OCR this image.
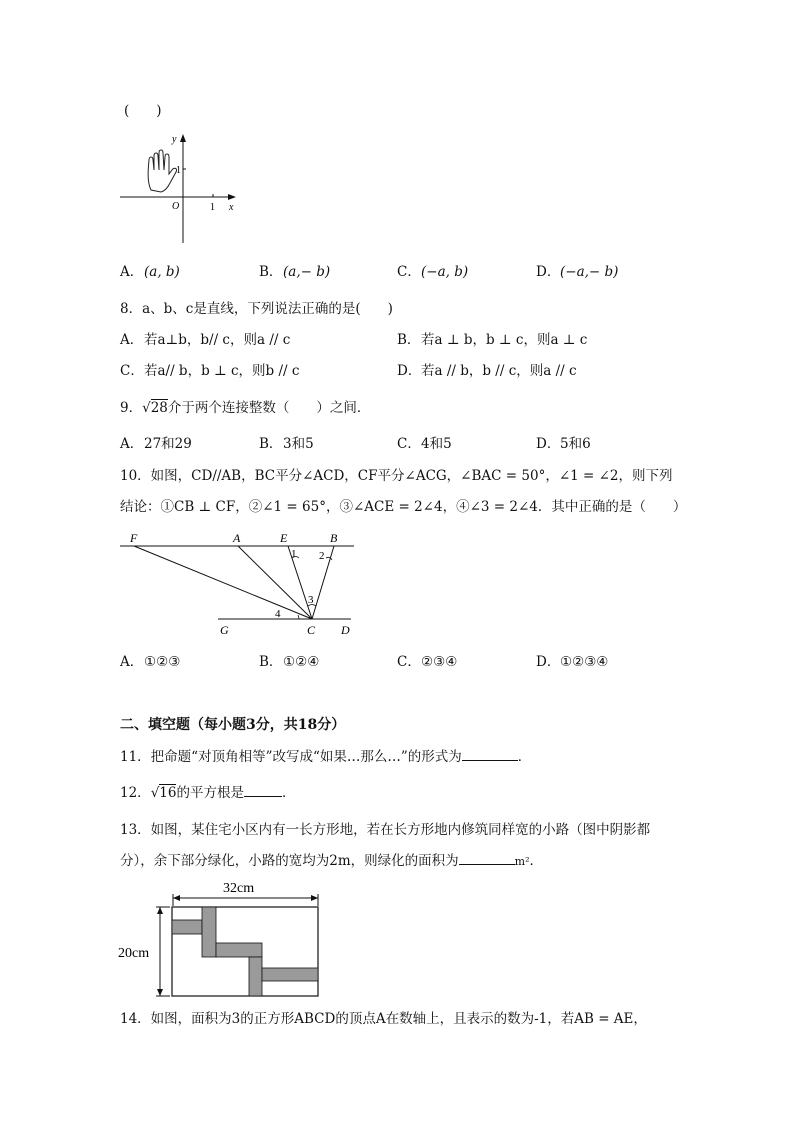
(　　)
y
x
O	1
1
A． (a, b)	B． (a,− b)	C． (−a, b)	D． (−a,− b)
8．a、b、c是直线，下列说法正确的是(　　)
A． 若a⊥b，b// c，则a // c	B． 若a ⊥ b，b ⊥ c，则a ⊥ c
C． 若a// b，b ⊥ c，则b // c	D． 若a // b，b // c，则a // c
9．√28介于两个连接整数（　　）之间．
A． 27和29	B． 3和5	C． 4和5	D． 5和6
10．如图，CD//AB，BC平分∠ACD，CF平分∠ACG，∠BAC = 50°，∠1 = ∠2，则下列
结论：①CB ⊥ CF，②∠1 = 65°，③∠ACE = 2∠4，④∠3 = 2∠4．其中正确的是（　　）
F	A	E	B
G	C D
1 2
3
4
A． ①②③	B． ①②④	C． ②③④	D． ①②③④
二、填空题（每小题3分，共18分）
11．把命题“对顶角相等”改写成“如果…那么…”的形式为	．
12．√16的平方根是	．
13．如图，某住宅小区内有一长方形地，若在长方形地内修筑同样宽的小路（图中阴影都
分），余下部分绿化，小路的宽均为2m，则绿化的面积为	m²．
32cm
20cm
14．如图，面积为3的正方形ABCD的顶点A在数轴上，且表示的数为-1，若AB = AE，
